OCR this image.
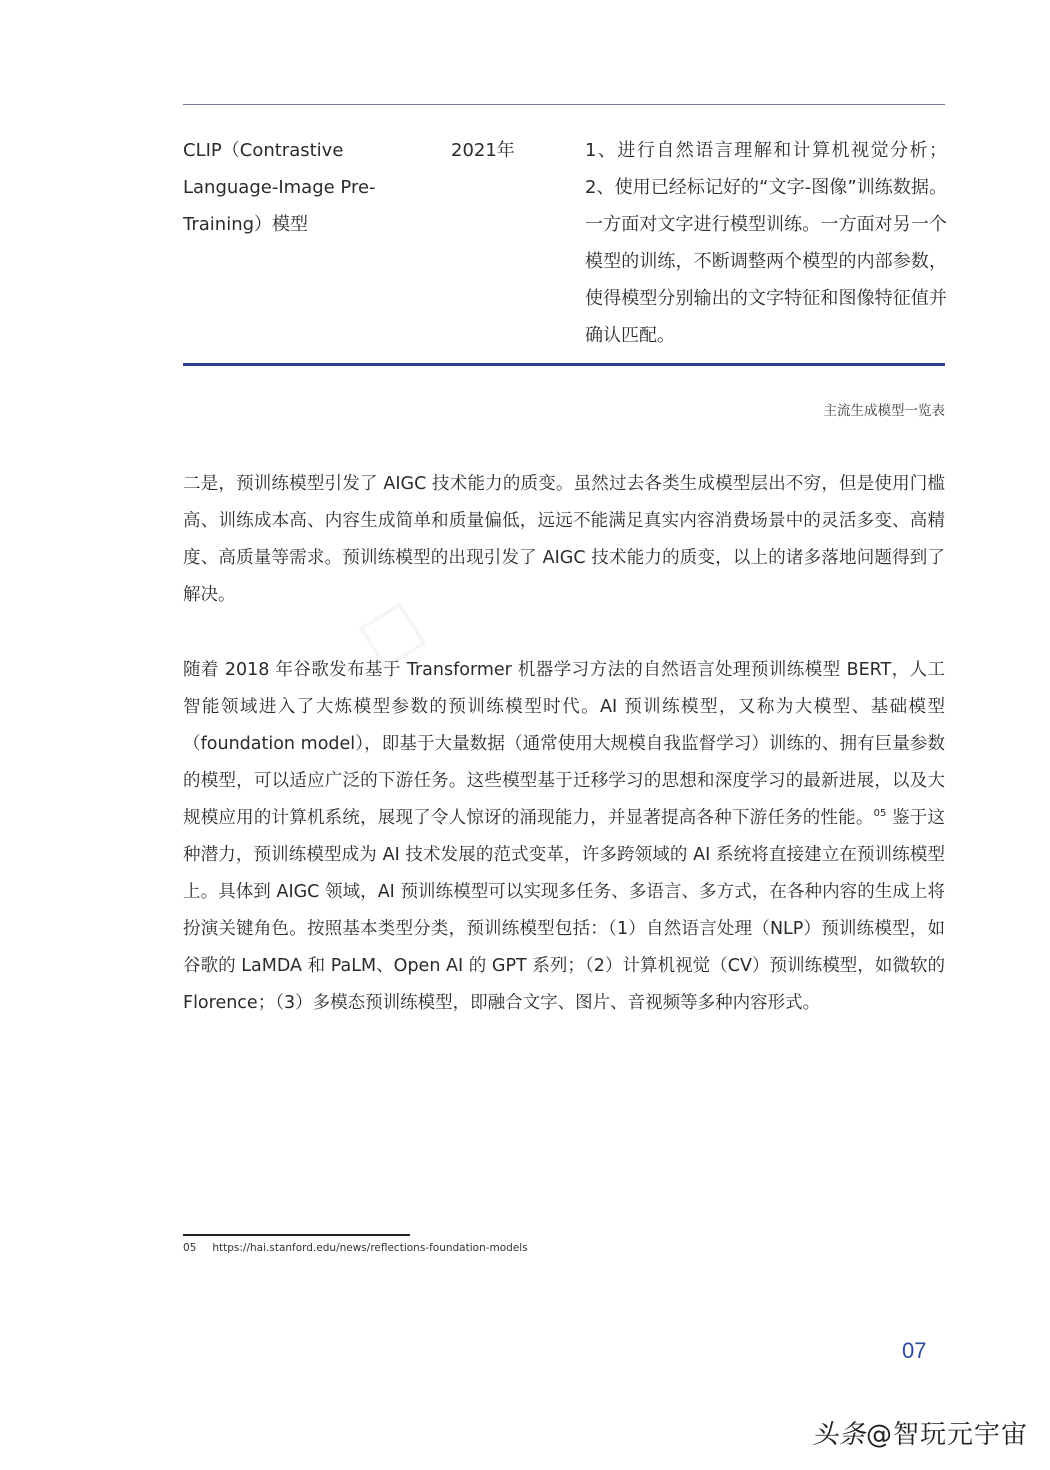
CLIP（Contrastive Language-Image Pre-Training）模型
2021年	1、进行自然语言理解和计算机视觉分析；2、使用已经标记好的“文字-图像”训练数据。一方面对文字进行模型训练。一方面对另一个模型的训练，不断调整两个模型的内部参数，使得模型分别输出的文字特征和图像特征值并确认匹配。
主流生成模型一览表

二是，预训练模型引发了 AIGC 技术能力的质变。虽然过去各类生成模型层出不穷，但是使用门槛高、训练成本高、内容生成简单和质量偏低，远远不能满足真实内容消费场景中的灵活多变、高精度、高质量等需求。预训练模型的出现引发了 AIGC 技术能力的质变，以上的诸多落地问题得到了解决。

随着 2018 年谷歌发布基于 Transformer 机器学习方法的自然语言处理预训练模型 BERT，人工智能领域进入了大炼模型参数的预训练模型时代。AI 预训练模型，又称为大模型、基础模型（foundation model），即基于大量数据（通常使用大规模自我监督学习）训练的、拥有巨量参数的模型，可以适应广泛的下游任务。这些模型基于迁移学习的思想和深度学习的最新进展，以及大规模应用的计算机系统，展现了令人惊讶的涌现能力，并显著提高各种下游任务的性能。$^{05}$ 鉴于这种潜力，预训练模型成为 AI 技术发展的范式变革，许多跨领域的 AI 系统将直接建立在预训练模型上。具体到 AIGC 领域，AI 预训练模型可以实现多任务、多语言、多方式，在各种内容的生成上将扮演关键角色。按照基本类型分类，预训练模型包括：（1）自然语言处理（NLP）预训练模型，如谷歌的 LaMDA 和 PaLM、Open AI 的 GPT 系列；（2）计算机视觉（CV）预训练模型，如微软的 Florence；（3）多模态预训练模型，即融合文字、图片、音视频等多种内容形式。

05 https://hai.stanford.edu/news/reflections-foundation-models
07
头条@智玩元宇宙
